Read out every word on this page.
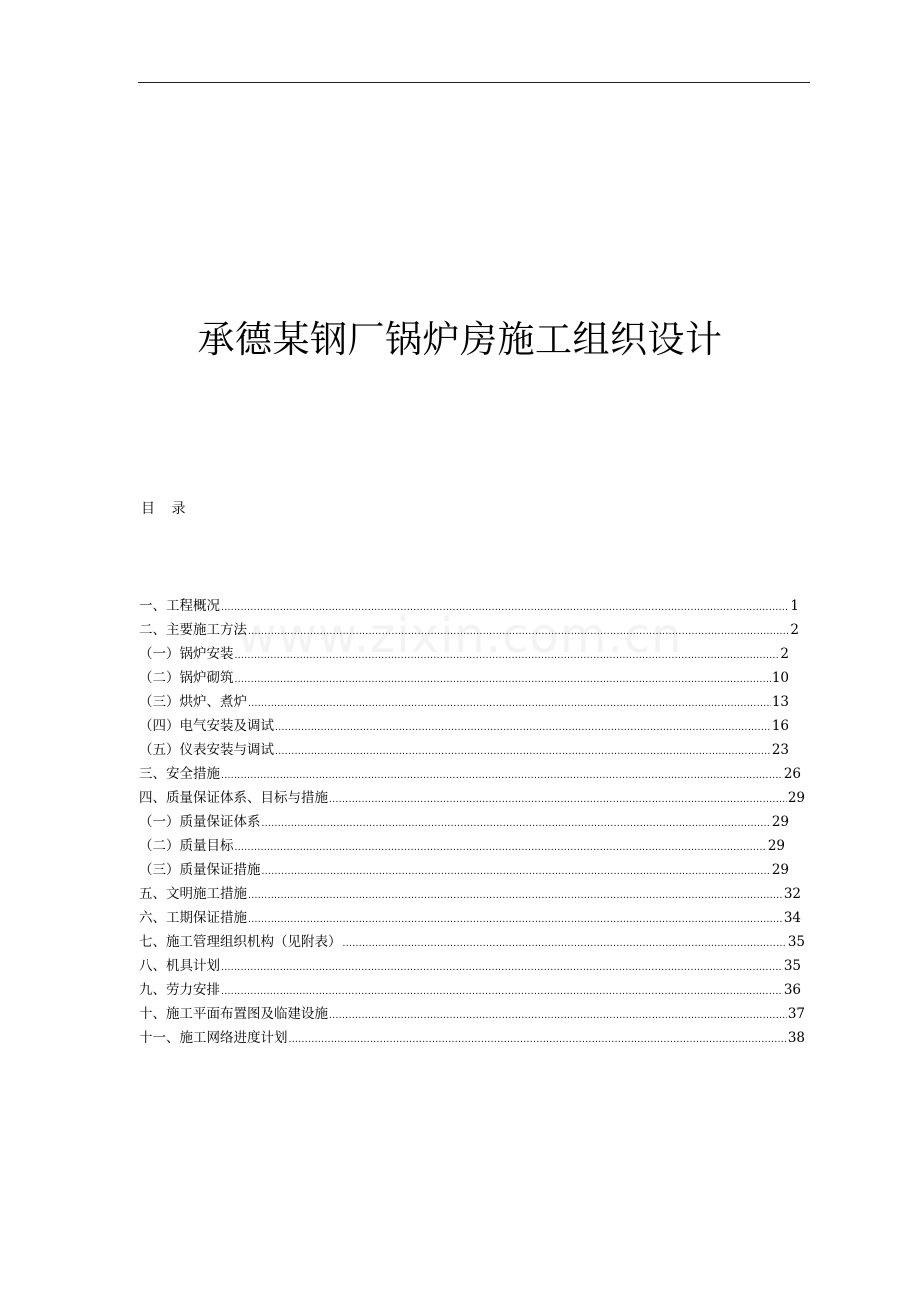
www.zixin.com.cn
承德某钢厂锅炉房施工组织设计
目 录
一、工程概况 .....	1
二、主要施工方法 .....	2
（一）锅炉安装 .....	2
（二）锅炉砌筑 .....	10
（三）烘炉、煮炉 .....	13
（四）电气安装及调试 .....	16
（五）仪表安装与调试 .....	23
三、安全措施 .....	26
四、质量保证体系、目标与措施 .....	29
（一）质量保证体系 .....	29
（二）质量目标 .....	29
（三）质量保证措施 .....	29
五、文明施工措施 .....	32
六、工期保证措施 .....	34
七、施工管理组织机构（见附表） .....	35
八、机具计划 .....	35
九、劳力安排 .....	36
十、施工平面布置图及临建设施 .....	37
十一、施工网络进度计划 .....	38
